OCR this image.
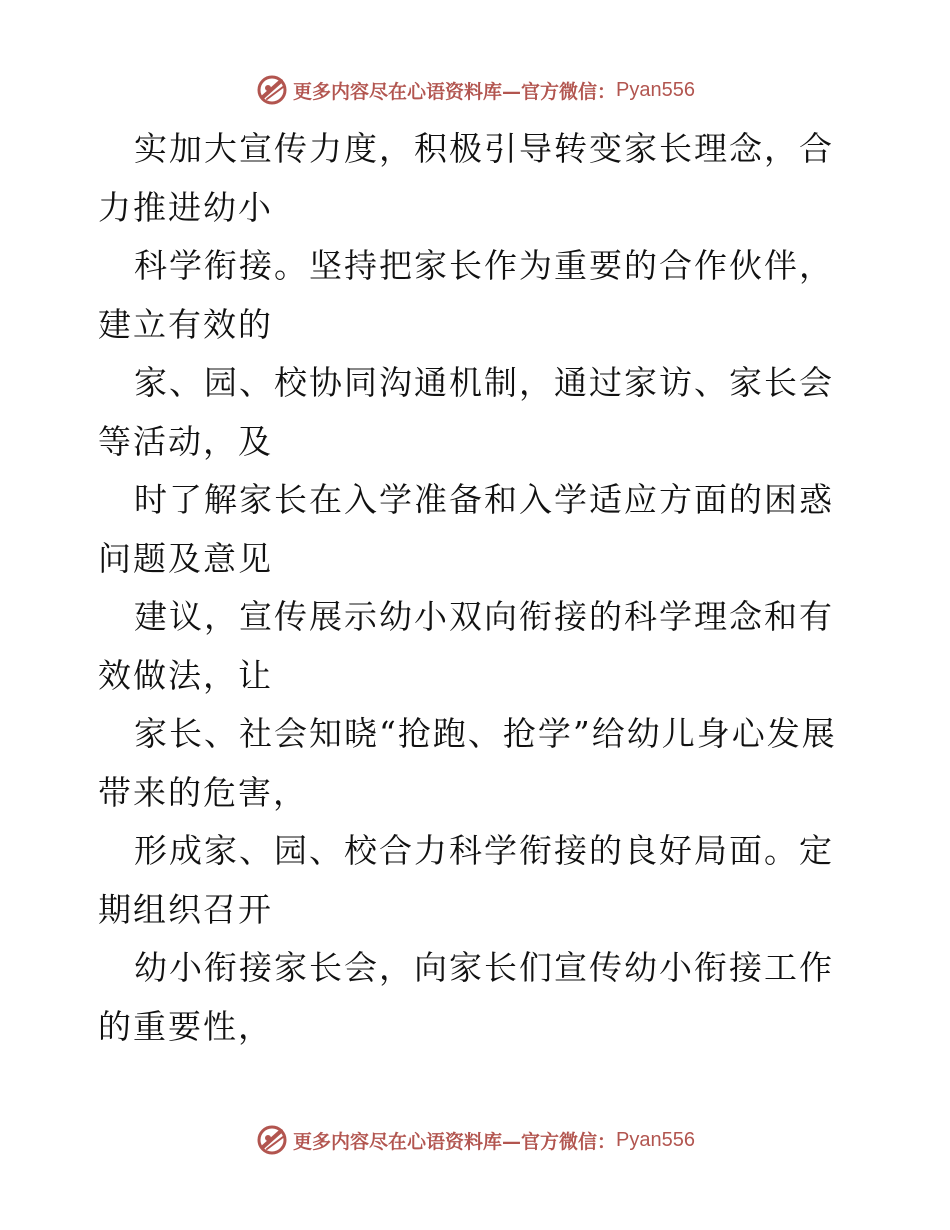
更多内容尽在心语资料库—官方微信： Pyan556

实加大宣传力度，积极引导转变家长理念，合力推进幼小

科学衔接。坚持把家长作为重要的合作伙伴，建立有效的

家、园、校协同沟通机制，通过家访、家长会等活动，及

时了解家长在入学准备和入学适应方面的困惑问题及意见

建议，宣传展示幼小双向衔接的科学理念和有效做法，让

家长、社会知晓“抢跑、抢学”给幼儿身心发展带来的危害，

形成家、园、校合力科学衔接的良好局面。定期组织召开

幼小衔接家长会，向家长们宣传幼小衔接工作的重要性，

更多内容尽在心语资料库—官方微信： Pyan556
